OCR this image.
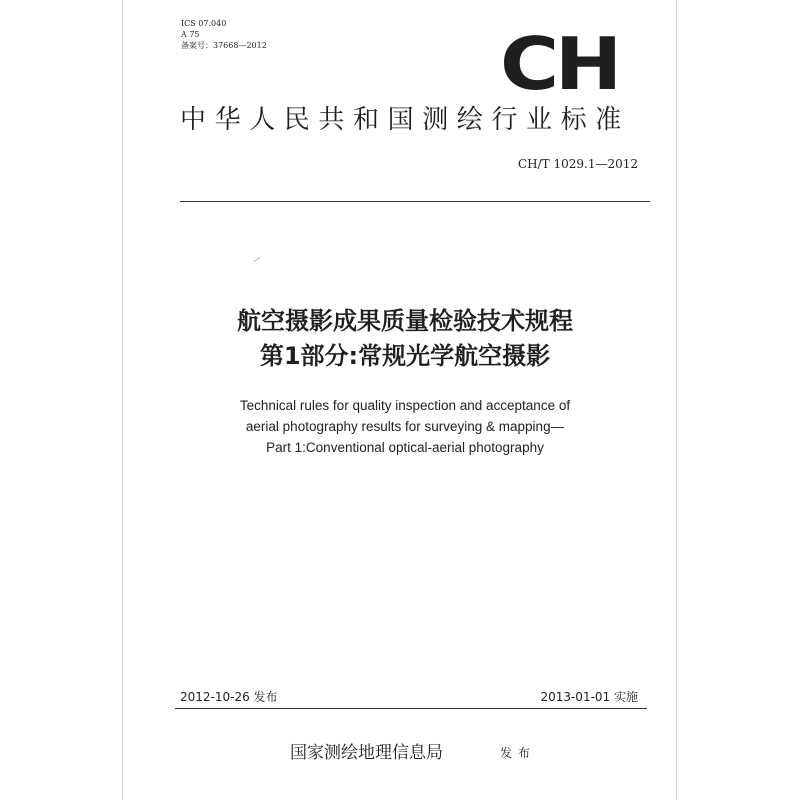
ICS 07.040
A 75
备案号：37668—2012	CH
中华人民共和国测绘行业标准
CH/T 1029.1—2012
航空摄影成果质量检验技术规程
第1部分:常规光学航空摄影
Technical rules for quality inspection and acceptance of
aerial photography results for surveying & mapping—
Part 1:Conventional optical-aerial photography
2012-10-26 发布	2013-01-01 实施
国家测绘地理信息局	发布
